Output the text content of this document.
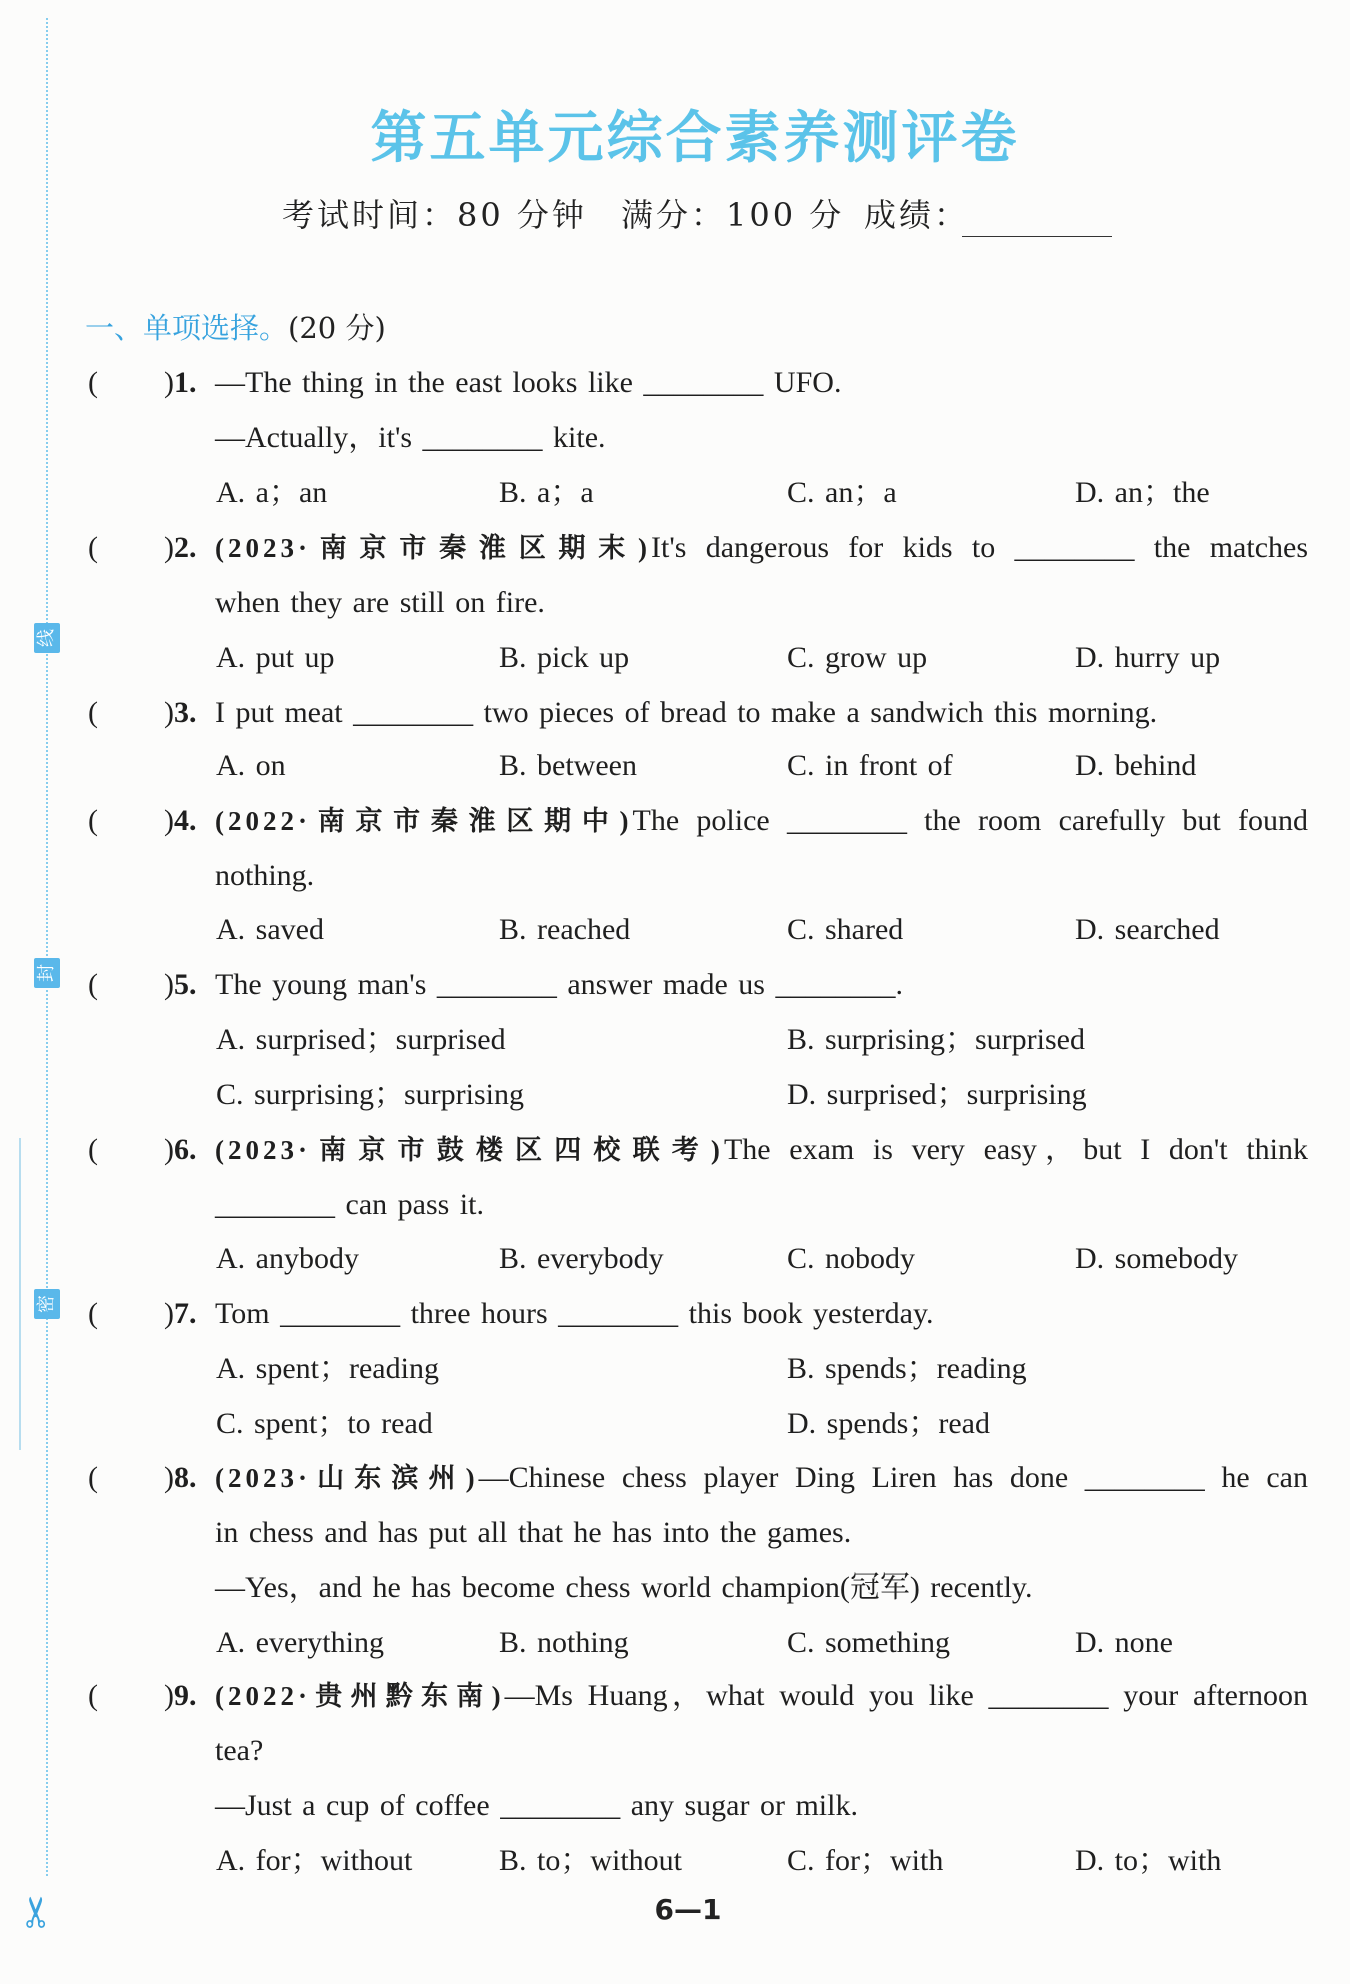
线
封
密
✂
第五单元综合素养测评卷
考试时间：80 分钟 满分：100 分 成绩：
一、单项选择。(20 分)
( )1. —The thing in the east looks like ________ UFO.
—Actually，it's ________ kite.
A. a；an	B. a；a	C. an；a	D. an；the
( )2. (2023·南京市秦淮区期末)It's dangerous for kids to ________ the matches
when they are still on fire.
A. put up	B. pick up	C. grow up	D. hurry up
( )3. I put meat ________ two pieces of bread to make a sandwich this morning.
A. on	B. between	C. in front of	D. behind
( )4. (2022·南京市秦淮区期中)The police ________ the room carefully but found
nothing.
A. saved	B. reached	C. shared	D. searched
( )5. The young man's ________ answer made us ________.
A. surprised；surprised	B. surprising；surprised
C. surprising；surprising	D. surprised；surprising
( )6. (2023·南京市鼓楼区四校联考)The exam is very easy，but I don't think
________ can pass it.
A. anybody	B. everybody	C. nobody	D. somebody
( )7. Tom ________ three hours ________ this book yesterday.
A. spent；reading	B. spends；reading
C. spent；to read	D. spends；read
( )8. (2023·山东滨州)—Chinese chess player Ding Liren has done ________ he can
in chess and has put all that he has into the games.
—Yes，and he has become chess world champion(冠军) recently.
A. everything	B. nothing	C. something	D. none
( )9. (2022·贵州黔东南)—Ms Huang，what would you like ________ your afternoon
tea?
—Just a cup of coffee ________ any sugar or milk.
A. for；without	B. to；without	C. for；with	D. to；with
6—1
